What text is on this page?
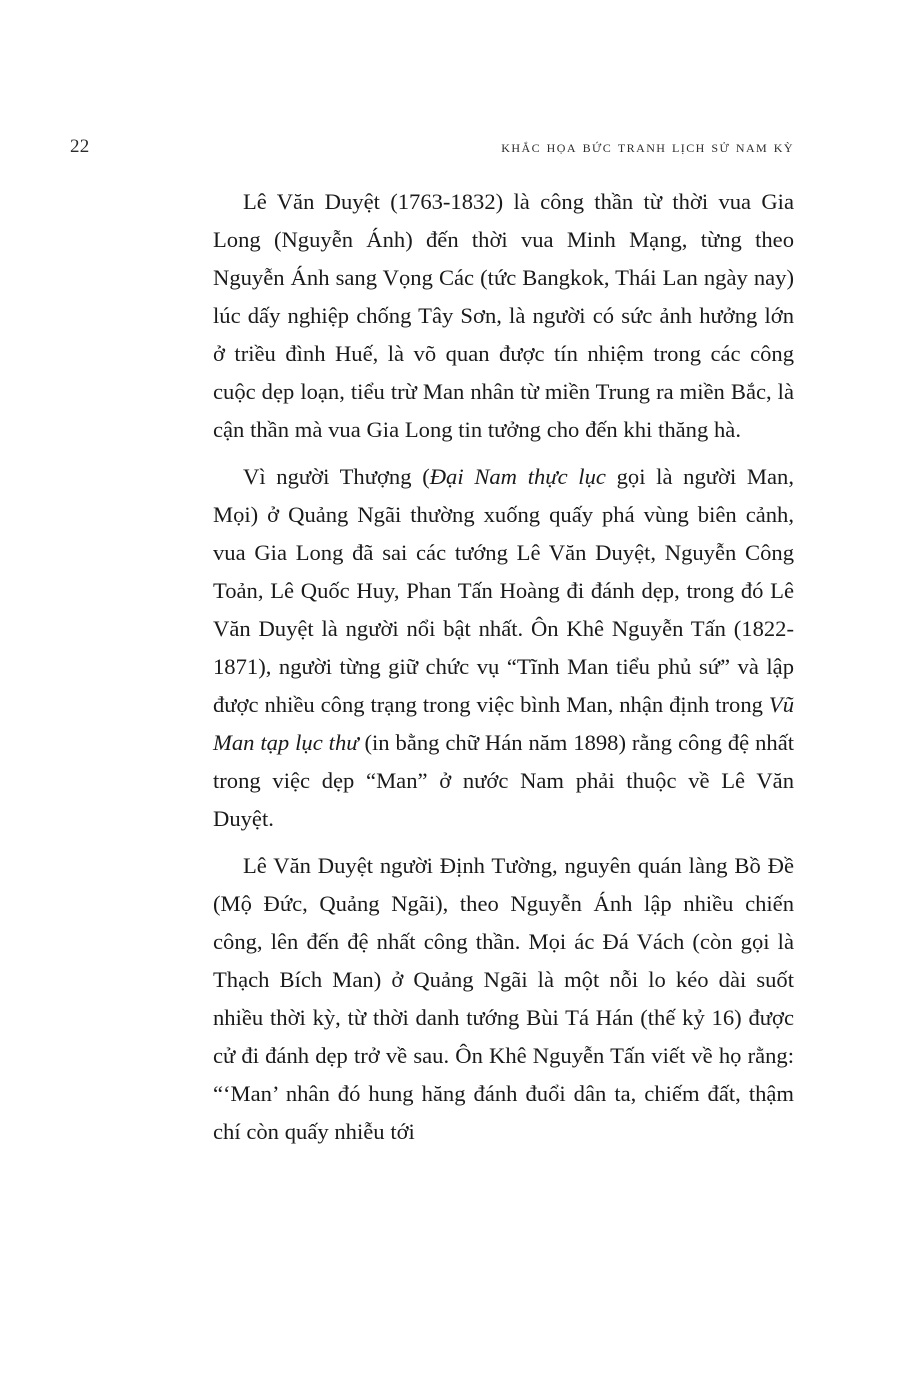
22	khắc họa bức tranh lịch sử nam kỳ

Lê Văn Duyệt (1763-1832) là công thần từ thời vua Gia Long (Nguyễn Ánh) đến thời vua Minh Mạng, từng theo Nguyễn Ánh sang Vọng Các (tức Bangkok, Thái Lan ngày nay) lúc dấy nghiệp chống Tây Sơn, là người có sức ảnh hưởng lớn ở triều đình Huế, là võ quan được tín nhiệm trong các công cuộc dẹp loạn, tiểu trừ Man nhân từ miền Trung ra miền Bắc, là cận thần mà vua Gia Long tin tưởng cho đến khi thăng hà.

Vì người Thượng (Đại Nam thực lục gọi là người Man, Mọi) ở Quảng Ngãi thường xuống quấy phá vùng biên cảnh, vua Gia Long đã sai các tướng Lê Văn Duyệt, Nguyễn Công Toản, Lê Quốc Huy, Phan Tấn Hoàng đi đánh dẹp, trong đó Lê Văn Duyệt là người nổi bật nhất. Ôn Khê Nguyễn Tấn (1822-1871), người từng giữ chức vụ “Tĩnh Man tiểu phủ sứ” và lập được nhiều công trạng trong việc bình Man, nhận định trong Vũ Man tạp lục thư (in bằng chữ Hán năm 1898) rằng công đệ nhất trong việc dẹp “Man” ở nước Nam phải thuộc về Lê Văn Duyệt.

Lê Văn Duyệt người Định Tường, nguyên quán làng Bồ Đề (Mộ Đức, Quảng Ngãi), theo Nguyễn Ánh lập nhiều chiến công, lên đến đệ nhất công thần. Mọi ác Đá Vách (còn gọi là Thạch Bích Man) ở Quảng Ngãi là một nỗi lo kéo dài suốt nhiều thời kỳ, từ thời danh tướng Bùi Tá Hán (thế kỷ 16) được cử đi đánh dẹp trở về sau. Ôn Khê Nguyễn Tấn viết về họ rằng: “‘Man’ nhân đó hung hăng đánh đuổi dân ta, chiếm đất, thậm chí còn quấy nhiễu tới
